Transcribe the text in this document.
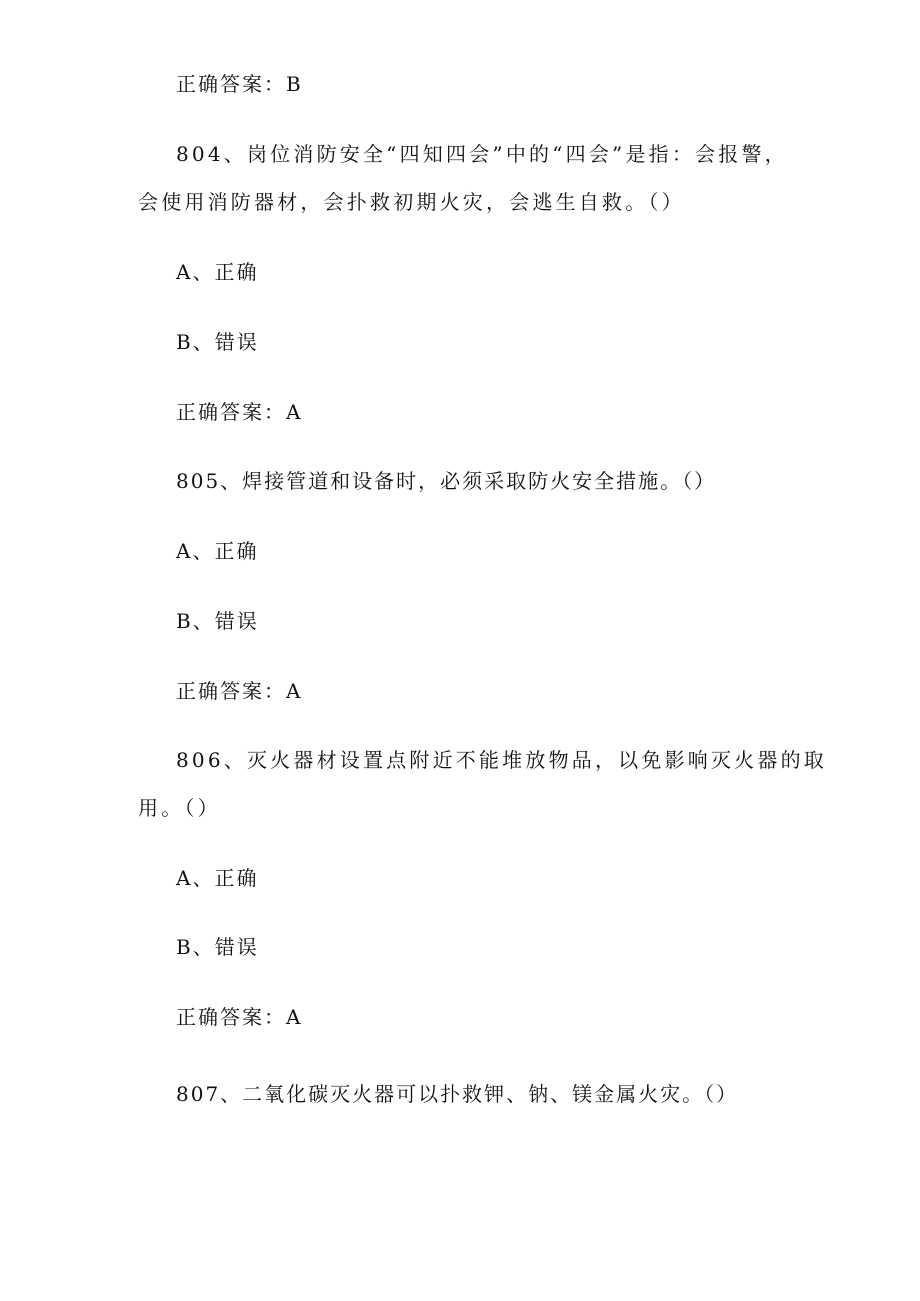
正确答案：B
804、岗位消防安全“四知四会”中的“四会”是指：会报警，
会使用消防器材，会扑救初期火灾，会逃生自救。（）
A、正确
B、错误
正确答案：A
805、焊接管道和设备时，必须采取防火安全措施。（）
A、正确
B、错误
正确答案：A
806、灭火器材设置点附近不能堆放物品，以免影响灭火器的取
用。（）
A、正确
B、错误
正确答案：A
807、二氧化碳灭火器可以扑救钾、钠、镁金属火灾。（）
